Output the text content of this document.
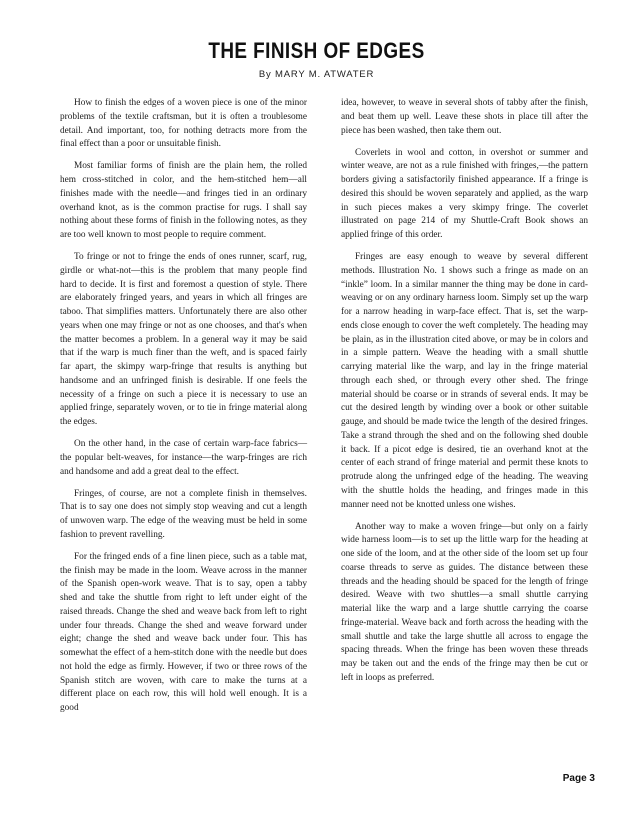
THE FINISH OF EDGES
By MARY M. ATWATER

How to finish the edges of a woven piece is one of the minor problems of the textile craftsman, but it is often a troublesome detail. And important, too, for nothing detracts more from the final effect than a poor or unsuitable finish.

Most familiar forms of finish are the plain hem, the rolled hem cross-stitched in color, and the hem-stitched hem—all finishes made with the needle—and fringes tied in an ordinary overhand knot, as is the common practise for rugs. I shall say nothing about these forms of finish in the following notes, as they are too well known to most people to require comment.

To fringe or not to fringe the ends of ones runner, scarf, rug, girdle or what-not—this is the problem that many people find hard to decide. It is first and foremost a question of style. There are elaborately fringed years, and years in which all fringes are taboo. That simplifies matters. Unfortunately there are also other years when one may fringe or not as one chooses, and that's when the matter becomes a problem. In a general way it may be said that if the warp is much finer than the weft, and is spaced fairly far apart, the skimpy warp-fringe that results is anything but handsome and an unfringed finish is desirable. If one feels the necessity of a fringe on such a piece it is necessary to use an applied fringe, separately woven, or to tie in fringe material along the edges.

On the other hand, in the case of certain warp-face fabrics—the popular belt-weaves, for instance—the warp-fringes are rich and handsome and add a great deal to the effect.

Fringes, of course, are not a complete finish in themselves. That is to say one does not simply stop weaving and cut a length of unwoven warp. The edge of the weaving must be held in some fashion to prevent ravelling.

For the fringed ends of a fine linen piece, such as a table mat, the finish may be made in the loom. Weave across in the manner of the Spanish open-work weave. That is to say, open a tabby shed and take the shuttle from right to left under eight of the raised threads. Change the shed and weave back from left to right under four threads. Change the shed and weave forward under eight; change the shed and weave back under four. This has somewhat the effect of a hem-stitch done with the needle but does not hold the edge as firmly. However, if two or three rows of the Spanish stitch are woven, with care to make the turns at a different place on each row, this will hold well enough. It is a good

idea, however, to weave in several shots of tabby after the finish, and beat them up well. Leave these shots in place till after the piece has been washed, then take them out.

Coverlets in wool and cotton, in overshot or summer and winter weave, are not as a rule finished with fringes,—the pattern borders giving a satisfactorily finished appearance. If a fringe is desired this should be woven separately and applied, as the warp in such pieces makes a very skimpy fringe. The coverlet illustrated on page 214 of my Shuttle-Craft Book shows an applied fringe of this order.

Fringes are easy enough to weave by several different methods. Illustration No. 1 shows such a fringe as made on an “inkle” loom. In a similar manner the thing may be done in card-weaving or on any ordinary harness loom. Simply set up the warp for a narrow heading in warp-face effect. That is, set the warp-ends close enough to cover the weft completely. The heading may be plain, as in the illustration cited above, or may be in colors and in a simple pattern. Weave the heading with a small shuttle carrying material like the warp, and lay in the fringe material through each shed, or through every other shed. The fringe material should be coarse or in strands of several ends. It may be cut the desired length by winding over a book or other suitable gauge, and should be made twice the length of the desired fringes. Take a strand through the shed and on the following shed double it back. If a picot edge is desired, tie an overhand knot at the center of each strand of fringe material and permit these knots to protrude along the unfringed edge of the heading. The weaving with the shuttle holds the heading, and fringes made in this manner need not be knotted unless one wishes.

Another way to make a woven fringe—but only on a fairly wide harness loom—is to set up the little warp for the heading at one side of the loom, and at the other side of the loom set up four coarse threads to serve as guides. The distance between these threads and the heading should be spaced for the length of fringe desired. Weave with two shuttles—a small shuttle carrying material like the warp and a large shuttle carrying the coarse fringe-material. Weave back and forth across the heading with the small shuttle and take the large shuttle all across to engage the spacing threads. When the fringe has been woven these threads may be taken out and the ends of the fringe may then be cut or left in loops as preferred.

Page 3
